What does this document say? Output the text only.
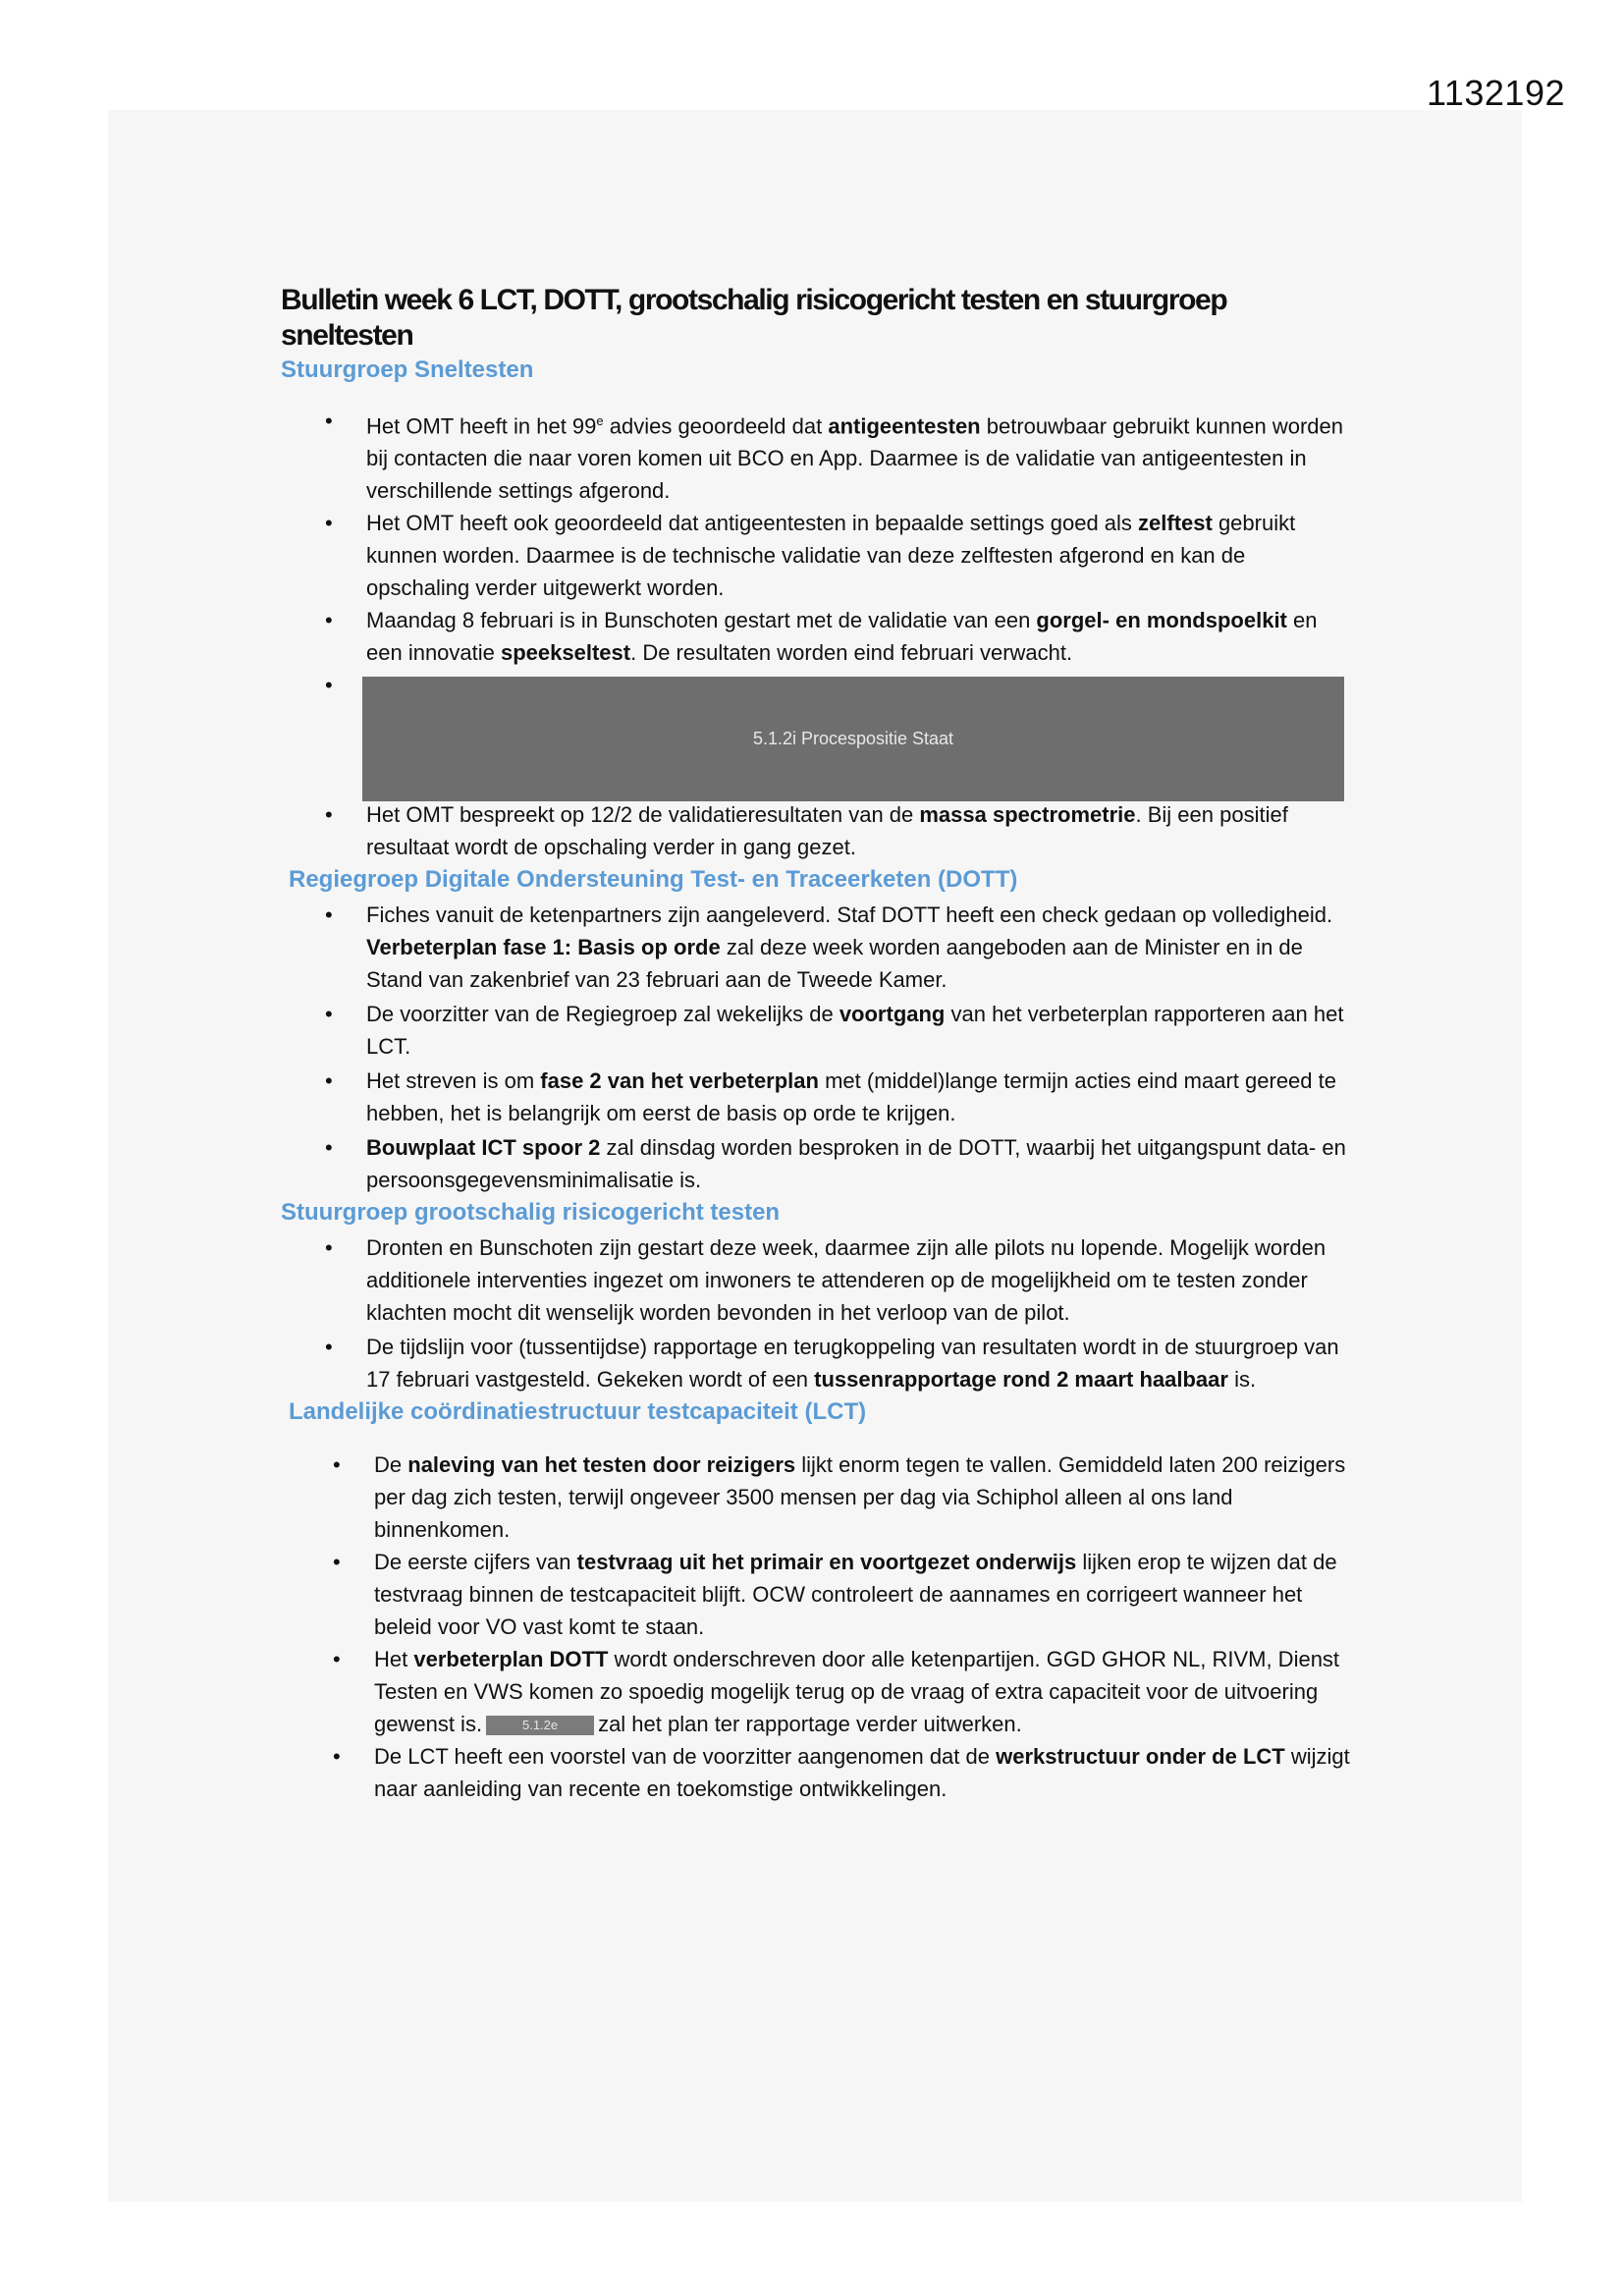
1132192
Bulletin week 6 LCT, DOTT, grootschalig risicogericht testen en stuurgroep sneltesten
Stuurgroep Sneltesten
• Het OMT heeft in het 99e advies geoordeeld dat antigeentesten betrouwbaar gebruikt kunnen worden bij contacten die naar voren komen uit BCO en App. Daarmee is de validatie van antigeentesten in verschillende settings afgerond.
• Het OMT heeft ook geoordeeld dat antigeentesten in bepaalde settings goed als zelftest gebruikt kunnen worden. Daarmee is de technische validatie van deze zelftesten afgerond en kan de opschaling verder uitgewerkt worden.
• Maandag 8 februari is in Bunschoten gestart met de validatie van een gorgel- en mondspoelkit en een innovatie speekseltest. De resultaten worden eind februari verwacht.
• 5.1.2i Procespositie Staat
• Het OMT bespreekt op 12/2 de validatieresultaten van de massa spectrometrie. Bij een positief resultaat wordt de opschaling verder in gang gezet.
Regiegroep Digitale Ondersteuning Test- en Traceerketen (DOTT)
• Fiches vanuit de ketenpartners zijn aangeleverd. Staf DOTT heeft een check gedaan op volledigheid. Verbeterplan fase 1: Basis op orde zal deze week worden aangeboden aan de Minister en in de Stand van zakenbrief van 23 februari aan de Tweede Kamer.
• De voorzitter van de Regiegroep zal wekelijks de voortgang van het verbeterplan rapporteren aan het LCT.
• Het streven is om fase 2 van het verbeterplan met (middel)lange termijn acties eind maart gereed te hebben, het is belangrijk om eerst de basis op orde te krijgen.
• Bouwplaat ICT spoor 2 zal dinsdag worden besproken in de DOTT, waarbij het uitgangspunt data- en persoonsgegevensminimalisatie is.
Stuurgroep grootschalig risicogericht testen
• Dronten en Bunschoten zijn gestart deze week, daarmee zijn alle pilots nu lopende. Mogelijk worden additionele interventies ingezet om inwoners te attenderen op de mogelijkheid om te testen zonder klachten mocht dit wenselijk worden bevonden in het verloop van de pilot.
• De tijdslijn voor (tussentijdse) rapportage en terugkoppeling van resultaten wordt in de stuurgroep van 17 februari vastgesteld. Gekeken wordt of een tussenrapportage rond 2 maart haalbaar is.
Landelijke coördinatiestructuur testcapaciteit (LCT)
• De naleving van het testen door reizigers lijkt enorm tegen te vallen. Gemiddeld laten 200 reizigers per dag zich testen, terwijl ongeveer 3500 mensen per dag via Schiphol alleen al ons land binnenkomen.
• De eerste cijfers van testvraag uit het primair en voortgezet onderwijs lijken erop te wijzen dat de testvraag binnen de testcapaciteit blijft. OCW controleert de aannames en corrigeert wanneer het beleid voor VO vast komt te staan.
• Het verbeterplan DOTT wordt onderschreven door alle ketenpartijen. GGD GHOR NL, RIVM, Dienst Testen en VWS komen zo spoedig mogelijk terug op de vraag of extra capaciteit voor de uitvoering gewenst is.	5.1.2e zal het plan ter rapportage verder uitwerken.
• De LCT heeft een voorstel van de voorzitter aangenomen dat de werkstructuur onder de LCT wijzigt naar aanleiding van recente en toekomstige ontwikkelingen.
